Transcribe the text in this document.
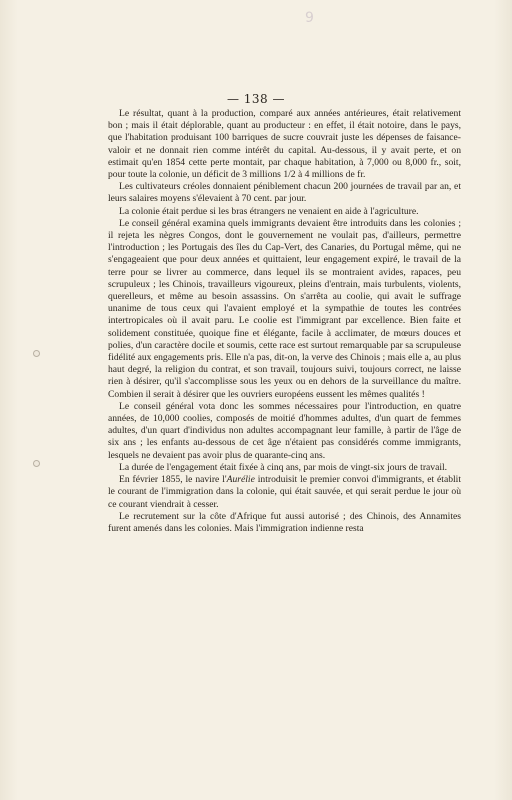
9
— 138 —

Le résultat, quant à la production, comparé aux années antérieures, était relativement bon ; mais il était déplorable, quant au producteur : en effet, il était notoire, dans le pays, que l'habitation produisant 100 barriques de sucre couvrait juste les dépenses de faisance-valoir et ne donnait rien comme intérêt du capital. Au-dessous, il y avait perte, et on estimait qu'en 1854 cette perte montait, par chaque habitation, à 7,000 ou 8,000 fr., soit, pour toute la colonie, un déficit de 3 millions 1/2 à 4 millions de fr.

Les cultivateurs créoles donnaient péniblement chacun 200 journées de travail par an, et leurs salaires moyens s'élevaient à 70 cent. par jour.

La colonie était perdue si les bras étrangers ne venaient en aide à l'agriculture.

Le conseil général examina quels immigrants devaient être introduits dans les colonies ; il rejeta les nègres Congos, dont le gouvernement ne voulait pas, d'ailleurs, permettre l'introduction ; les Portugais des îles du Cap-Vert, des Canaries, du Portugal même, qui ne s'engageaient que pour deux années et quittaient, leur engagement expiré, le travail de la terre pour se livrer au commerce, dans lequel ils se montraient avides, rapaces, peu scrupuleux ; les Chinois, travailleurs vigoureux, pleins d'entrain, mais turbulents, violents, querelleurs, et même au besoin assassins. On s'arrêta au coolie, qui avait le suffrage unanime de tous ceux qui l'avaient employé et la sympathie de toutes les contrées intertropicales où il avait paru. Le coolie est l'immigrant par excellence. Bien faite et solidement constituée, quoique fine et élégante, facile à acclimater, de mœurs douces et polies, d'un caractère docile et soumis, cette race est surtout remarquable par sa scrupuleuse fidélité aux engagements pris. Elle n'a pas, dit-on, la verve des Chinois ; mais elle a, au plus haut degré, la religion du contrat, et son travail, toujours suivi, toujours correct, ne laisse rien à désirer, qu'il s'accomplisse sous les yeux ou en dehors de la surveillance du maître. Combien il serait à désirer que les ouvriers européens eussent les mêmes qualités !

Le conseil général vota donc les sommes nécessaires pour l'introduction, en quatre années, de 10,000 coolies, composés de moitié d'hommes adultes, d'un quart de femmes adultes, d'un quart d'individus non adultes accompagnant leur famille, à partir de l'âge de six ans ; les enfants au-dessous de cet âge n'étaient pas considérés comme immigrants, lesquels ne devaient pas avoir plus de quarante-cinq ans.

La durée de l'engagement était fixée à cinq ans, par mois de vingt-six jours de travail.

En février 1855, le navire l'Aurélie introduisit le premier convoi d'immigrants, et établit le courant de l'immigration dans la colonie, qui était sauvée, et qui serait perdue le jour où ce courant viendrait à cesser.

Le recrutement sur la côte d'Afrique fut aussi autorisé ; des Chinois, des Annamites furent amenés dans les colonies. Mais l'immigration indienne resta
